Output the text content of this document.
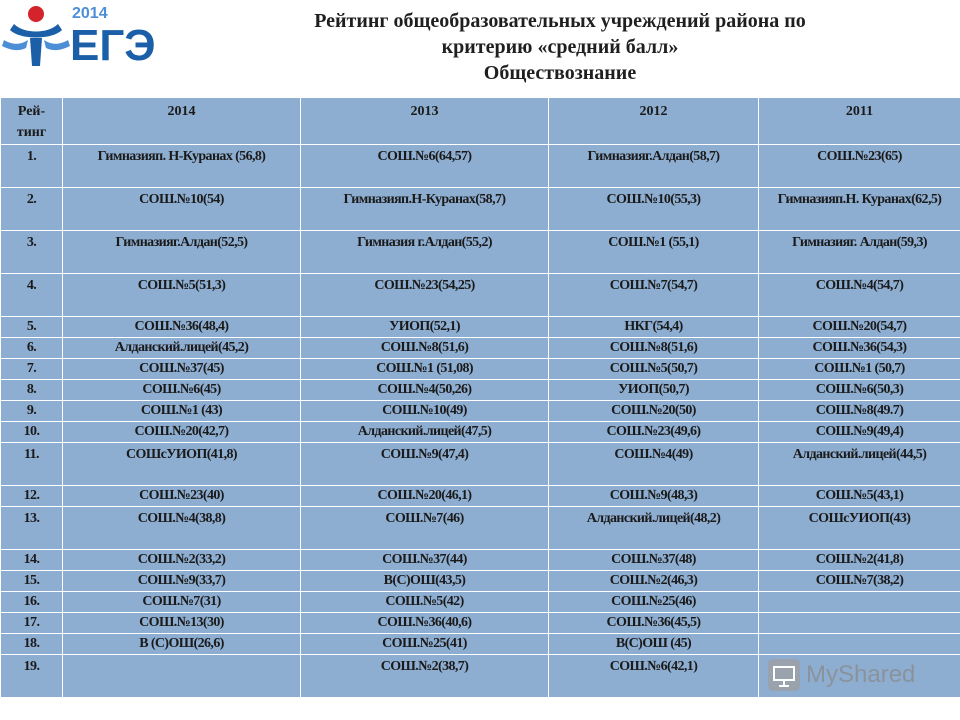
2014
ЕГЭ	Рейтинг общеобразовательных учреждений района по
критерию «средний балл»
Обществознание
Рей-
тинг	2014	2013	2012	2011
1.	Гимназияп. Н-Куранах (56,8)	СОШ.№6(64,57)	Гимназияг.Алдан(58,7)	СОШ.№23(65)
2.	СОШ.№10(54)	Гимназияп.Н-Куранах(58,7)	СОШ.№10(55,3)	Гимназияп.Н. Куранах(62,5)
3.	Гимназияг.Алдан(52,5)	Гимназия г.Алдан(55,2)	СОШ.№1 (55,1)	Гимназияг. Алдан(59,3)
4.	СОШ.№5(51,3)	СОШ.№23(54,25)	СОШ.№7(54,7)	СОШ.№4(54,7)
5.	СОШ.№36(48,4)	УИОП(52,1)	НКГ(54,4)	СОШ.№20(54,7)
6.	Алданский.лицей(45,2)	СОШ.№8(51,6)	СОШ.№8(51,6)	СОШ.№36(54,3)
7.	СОШ.№37(45)	СОШ.№1 (51,08)	СОШ.№5(50,7)	СОШ.№1 (50,7)
8.	СОШ.№6(45)	СОШ.№4(50,26)	УИОП(50,7)	СОШ.№6(50,3)
9.	СОШ.№1 (43)	СОШ.№10(49)	СОШ.№20(50)	СОШ.№8(49.7)
10.	СОШ.№20(42,7)	Алданский.лицей(47,5)	СОШ.№23(49,6)	СОШ.№9(49,4)
11.	СОШсУИОП(41,8)	СОШ.№9(47,4)	СОШ.№4(49)	Алданский.лицей(44,5)
12.	СОШ.№23(40)	СОШ.№20(46,1)	СОШ.№9(48,3)	СОШ.№5(43,1)
13.	СОШ.№4(38,8)	СОШ.№7(46)	Алданский.лицей(48,2)	СОШсУИОП(43)
14.	СОШ.№2(33,2)	СОШ.№37(44)	СОШ.№37(48)	СОШ.№2(41,8)
15.	СОШ.№9(33,7)	В(С)ОШ(43,5)	СОШ.№2(46,3)	СОШ.№7(38,2)
16.	СОШ.№7(31)	СОШ.№5(42)	СОШ.№25(46)	
17.	СОШ.№13(30)	СОШ.№36(40,6)	СОШ.№36(45,5)	
18.	В (С)ОШ(26,6)	СОШ.№25(41)	В(С)ОШ (45)	
19.		СОШ.№2(38,7)	СОШ.№6(42,1)		MyShared
